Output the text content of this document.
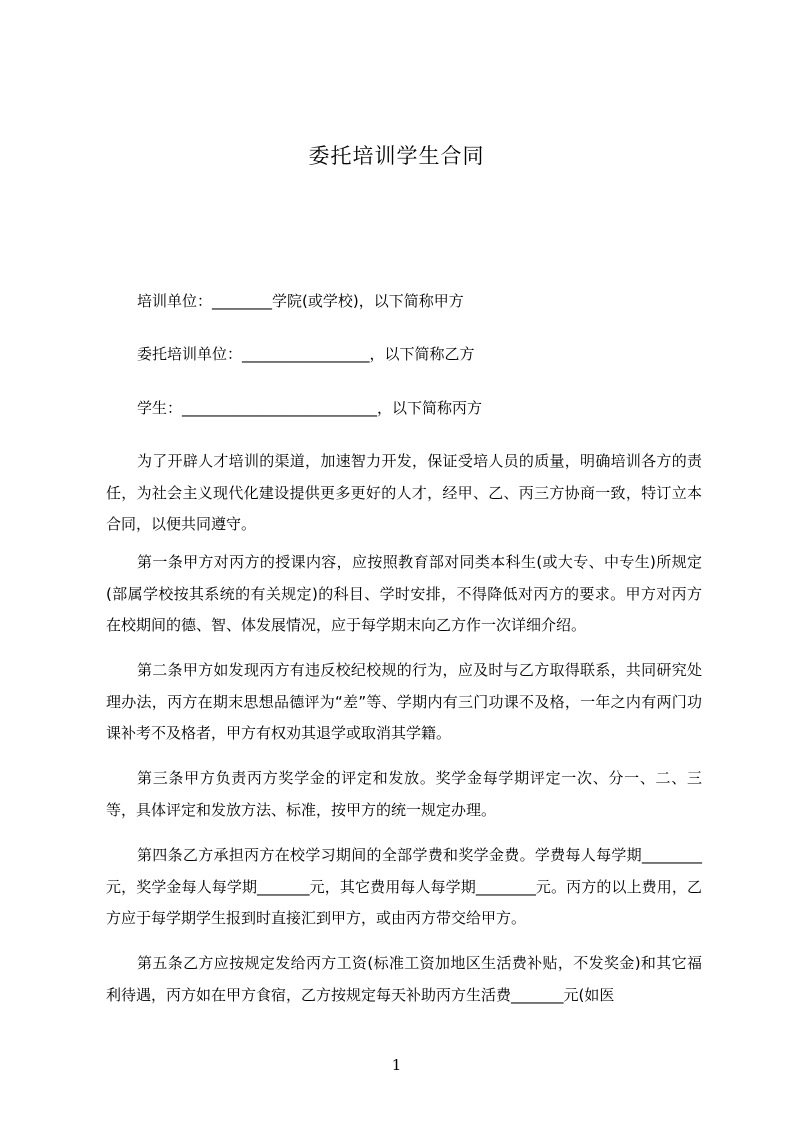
委托培训学生合同
培训单位：________学院(或学校)，以下简称甲方
委托培训单位：_________________，以下简称乙方
学生：__________________________，以下简称丙方

为了开辟人才培训的渠道，加速智力开发，保证受培人员的质量，明确培训各方的责任，为社会主义现代化建设提供更多更好的人才，经甲、乙、丙三方协商一致，特订立本合同，以便共同遵守。

第一条甲方对丙方的授课内容，应按照教育部对同类本科生(或大专、中专生)所规定(部属学校按其系统的有关规定)的科目、学时安排，不得降低对丙方的要求。甲方对丙方在校期间的德、智、体发展情况，应于每学期末向乙方作一次详细介绍。

第二条甲方如发现丙方有违反校纪校规的行为，应及时与乙方取得联系，共同研究处理办法，丙方在期末思想品德评为“差”等、学期内有三门功课不及格，一年之内有两门功课补考不及格者，甲方有权劝其退学或取消其学籍。

第三条甲方负责丙方奖学金的评定和发放。奖学金每学期评定一次、分一、二、三等，具体评定和发放方法、标准，按甲方的统一规定办理。

第四条乙方承担丙方在校学习期间的全部学费和奖学金费。学费每人每学期________元，奖学金每人每学期_______元，其它费用每人每学期________元。丙方的以上费用，乙方应于每学期学生报到时直接汇到甲方，或由丙方带交给甲方。

第五条乙方应按规定发给丙方工资(标准工资加地区生活费补贴，不发奖金)和其它福利待遇，丙方如在甲方食宿，乙方按规定每天补助丙方生活费_______元(如医

1
